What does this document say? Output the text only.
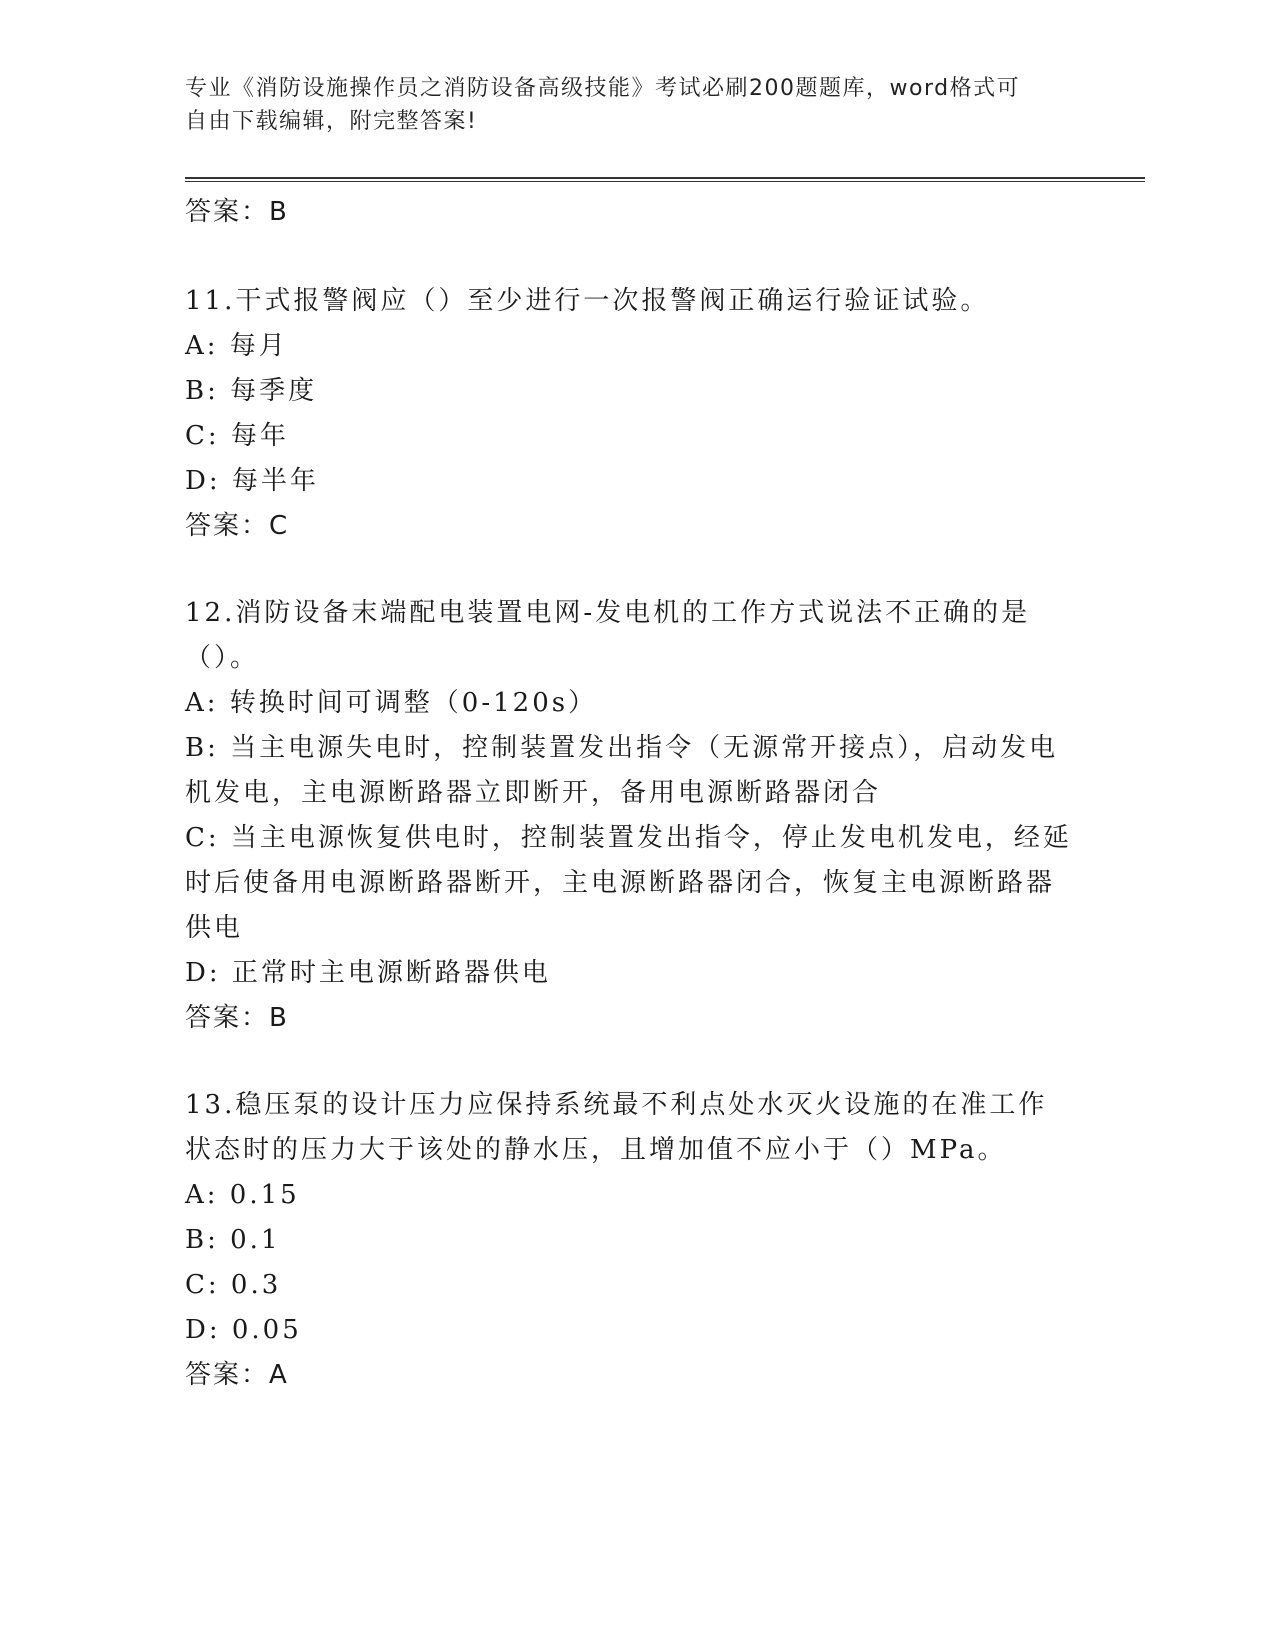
专业《消防设施操作员之消防设备高级技能》考试必刷200题题库，word格式可
自由下载编辑，附完整答案!

答案：B

11.干式报警阀应（）至少进行一次报警阀正确运行验证试验。

A: 每月

B: 每季度

C: 每年

D: 每半年

答案：C

12.消防设备末端配电装置电网-发电机的工作方式说法不正确的是（）。

A: 转换时间可调整（0-120s）

B: 当主电源失电时，控制装置发出指令（无源常开接点），启动发电机发电，主电源断路器立即断开，备用电源断路器闭合

C: 当主电源恢复供电时，控制装置发出指令，停止发电机发电，经延时后使备用电源断路器断开，主电源断路器闭合，恢复主电源断路器供电

D: 正常时主电源断路器供电

答案：B

13.稳压泵的设计压力应保持系统最不利点处水灭火设施的在准工作状态时的压力大于该处的静水压，且增加值不应小于（）MPa。

A: 0.15

B: 0.1

C: 0.3

D: 0.05

答案：A
